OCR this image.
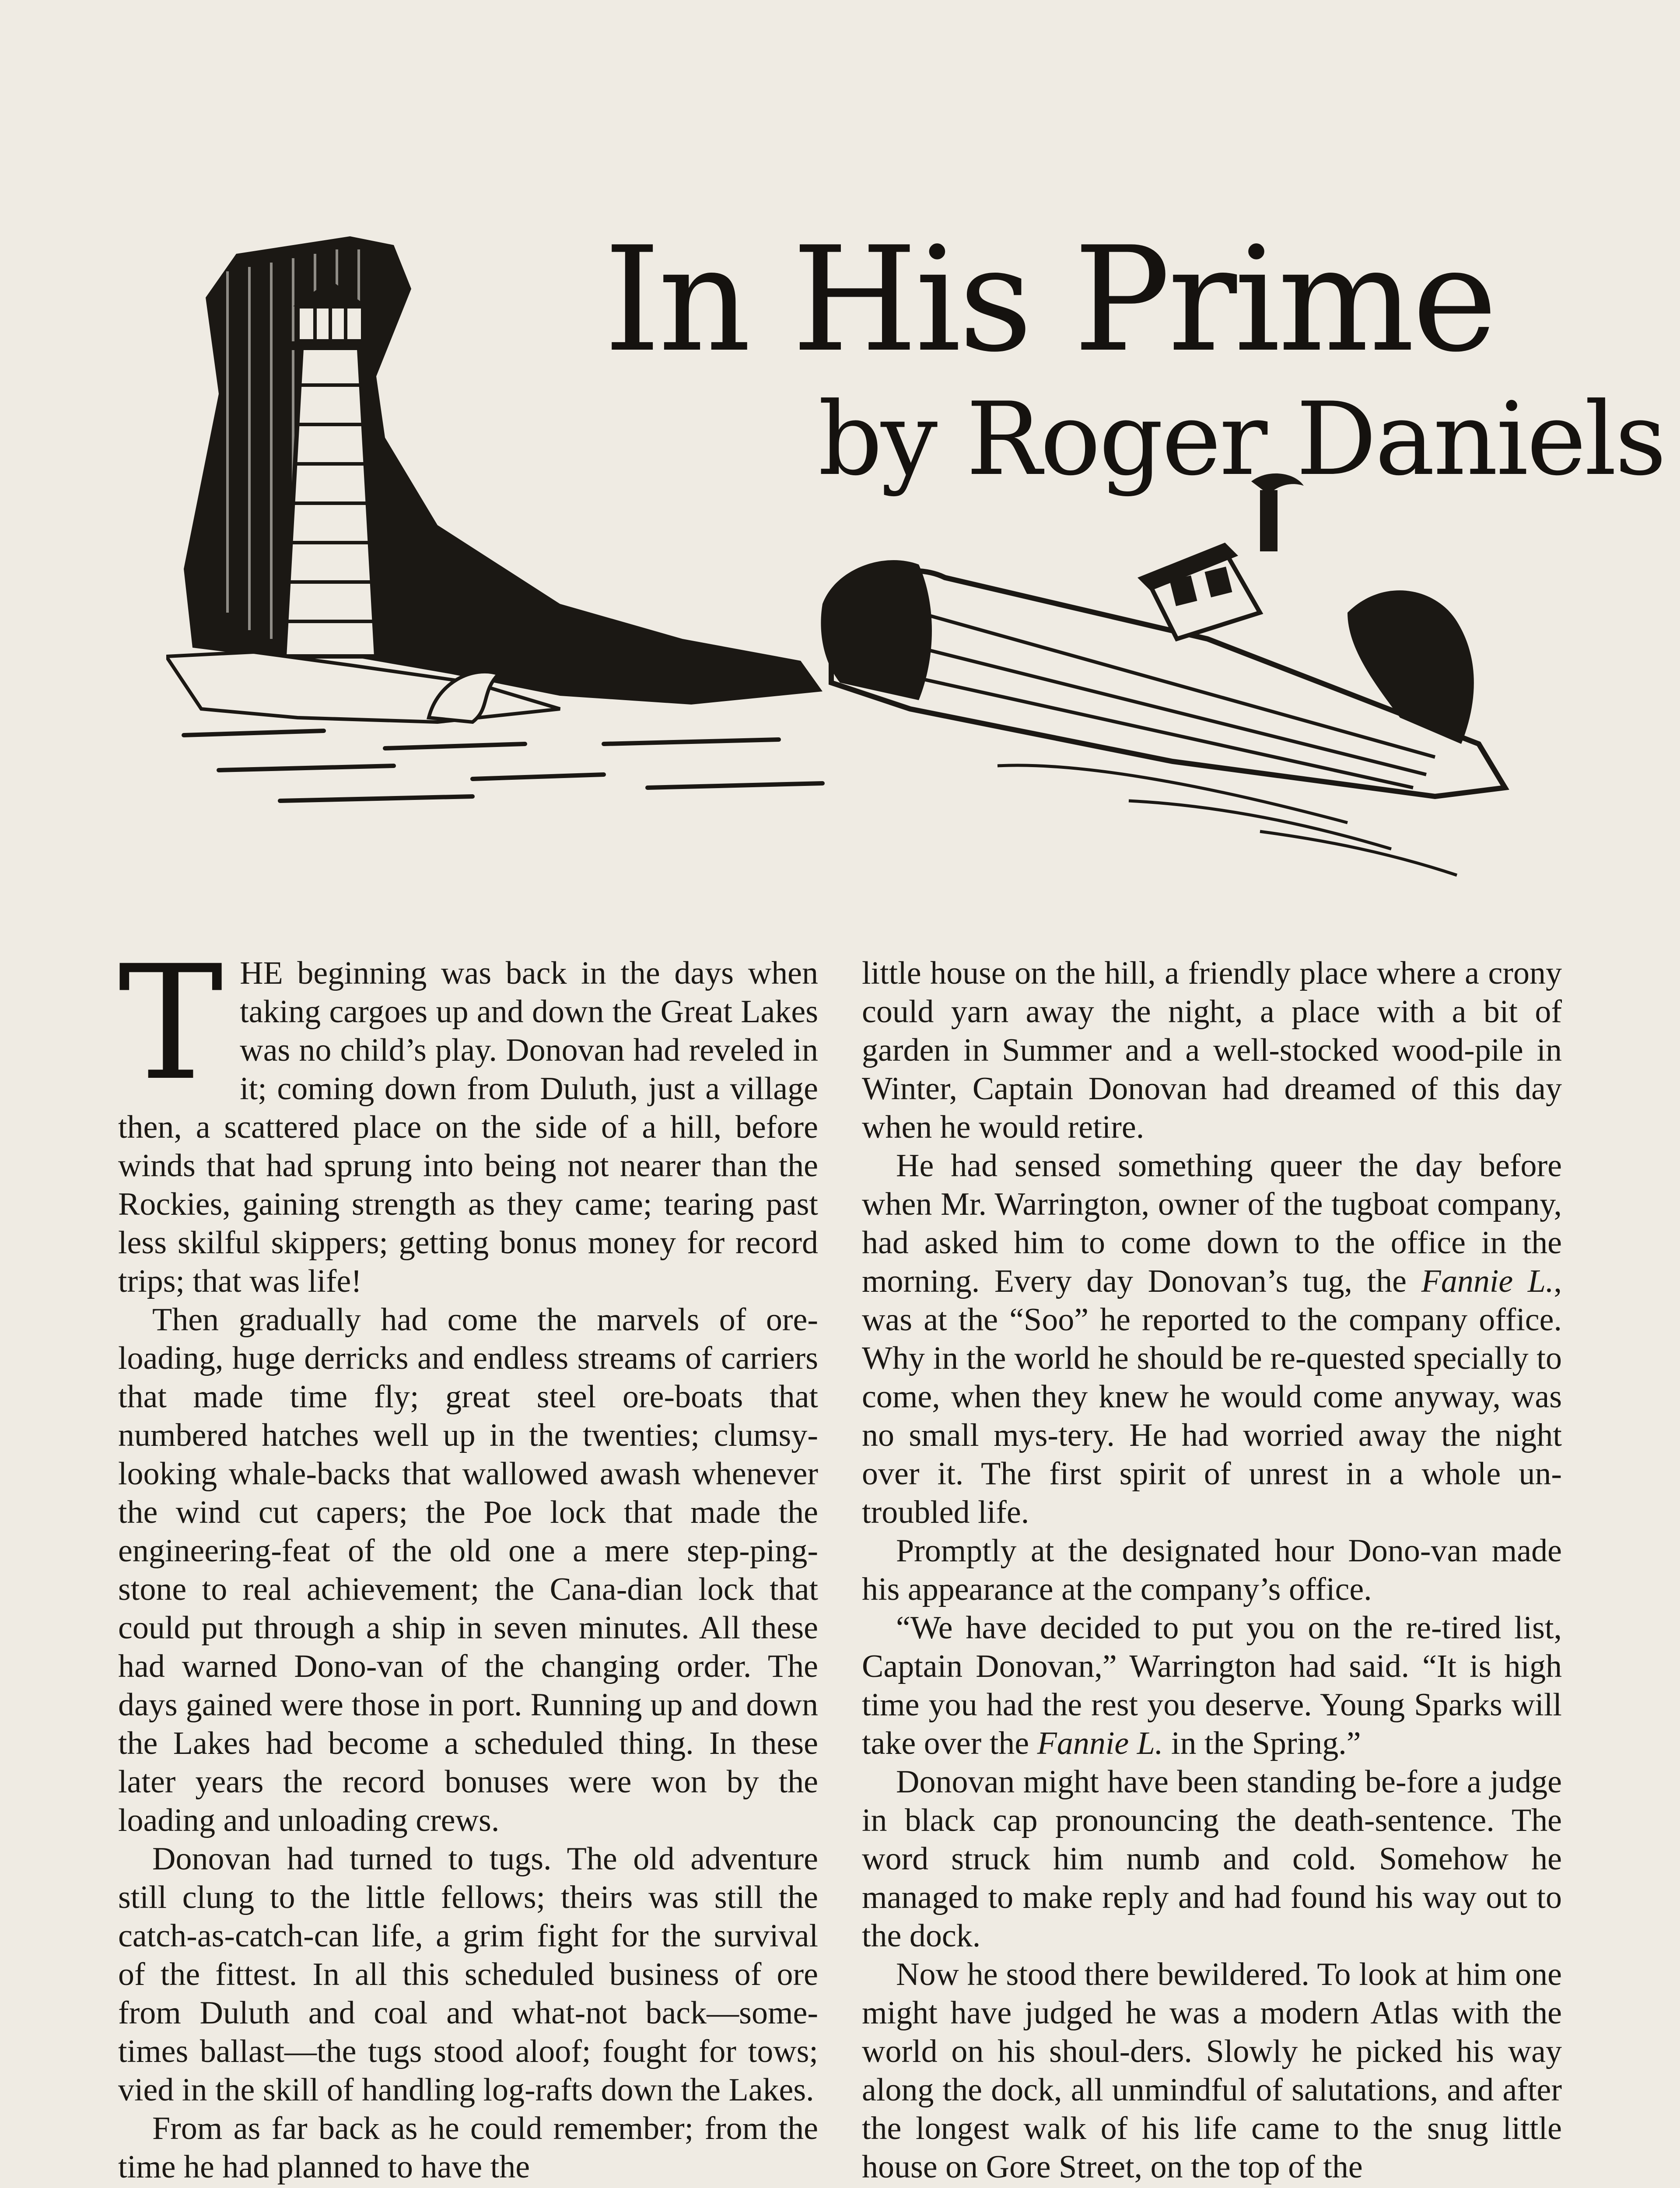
In His Prime
by Roger Daniels

THE beginning was back in the days when taking cargoes up and down the Great Lakes was no child’s play. Donovan had reveled in it; coming down from Duluth, just a village then, a scattered place on the side of a hill, before winds that had sprung into being not nearer than the Rockies, gaining strength as they came; tearing past less skilful skippers; getting bonus money for record trips; that was life!

Then gradually had come the marvels of ore-loading, huge derricks and endless streams of carriers that made time fly; great steel ore-boats that numbered hatches well up in the twenties; clumsy-looking whale-backs that wallowed awash whenever the wind cut capers; the Poe lock that made the engineering-feat of the old one a mere step-ping-stone to real achievement; the Cana-dian lock that could put through a ship in seven minutes. All these had warned Dono-van of the changing order. The days gained were those in port. Running up and down the Lakes had become a scheduled thing. In these later years the record bonuses were won by the loading and unloading crews.

Donovan had turned to tugs. The old adventure still clung to the little fellows; theirs was still the catch-as-catch-can life, a grim fight for the survival of the fittest. In all this scheduled business of ore from Duluth and coal and what-not back—some-times ballast—the tugs stood aloof; fought for tows; vied in the skill of handling log-rafts down the Lakes.

From as far back as he could remember; from the time he had planned to have the

little house on the hill, a friendly place where a crony could yarn away the night, a place with a bit of garden in Summer and a well-stocked wood-pile in Winter, Captain Donovan had dreamed of this day when he would retire.

He had sensed something queer the day before when Mr. Warrington, owner of the tugboat company, had asked him to come down to the office in the morning. Every day Donovan’s tug, the Fannie L., was at the “Soo” he reported to the company office. Why in the world he should be re-quested specially to come, when they knew he would come anyway, was no small mys-tery. He had worried away the night over it. The first spirit of unrest in a whole un-troubled life.

Promptly at the designated hour Dono-van made his appearance at the company’s office.

“We have decided to put you on the re-tired list, Captain Donovan,” Warrington had said. “It is high time you had the rest you deserve. Young Sparks will take over the Fannie L. in the Spring.”

Donovan might have been standing be-fore a judge in black cap pronouncing the death-sentence. The word struck him numb and cold. Somehow he managed to make reply and had found his way out to the dock.

Now he stood there bewildered. To look at him one might have judged he was a modern Atlas with the world on his shoul-ders. Slowly he picked his way along the dock, all unmindful of salutations, and after the longest walk of his life came to the snug little house on Gore Street, on the top of the
